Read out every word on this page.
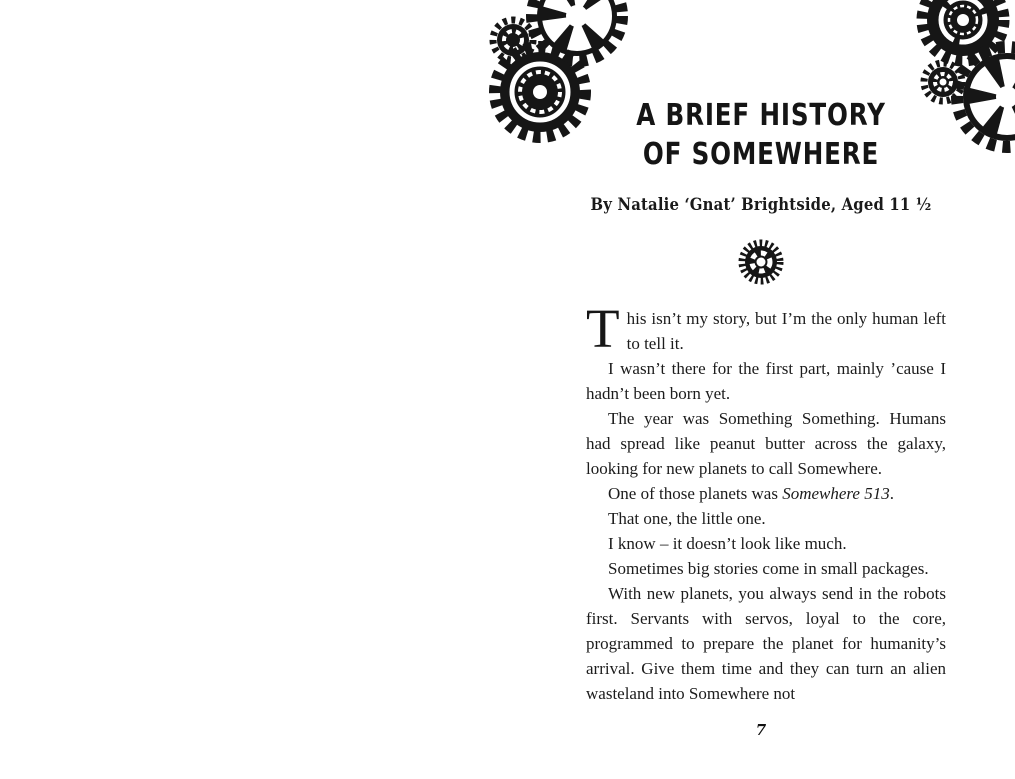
A BRIEF HISTORY
OF SOMEWHERE
By Natalie ‘Gnat’ Brightside, Aged 11 ½

This isn’t my story, but I’m the only human left to tell it.

I wasn’t there for the first part, mainly ’cause I hadn’t been born yet.

The year was Something Something. Humans had spread like peanut butter across the galaxy, looking for new planets to call Somewhere.

One of those planets was Somewhere 513.

That one, the little one.

I know – it doesn’t look like much.

Sometimes big stories come in small packages.

With new planets, you always send in the robots first. Servants with servos, loyal to the core, programmed to prepare the planet for humanity’s arrival. Give them time and they can turn an alien wasteland into Somewhere not

7
